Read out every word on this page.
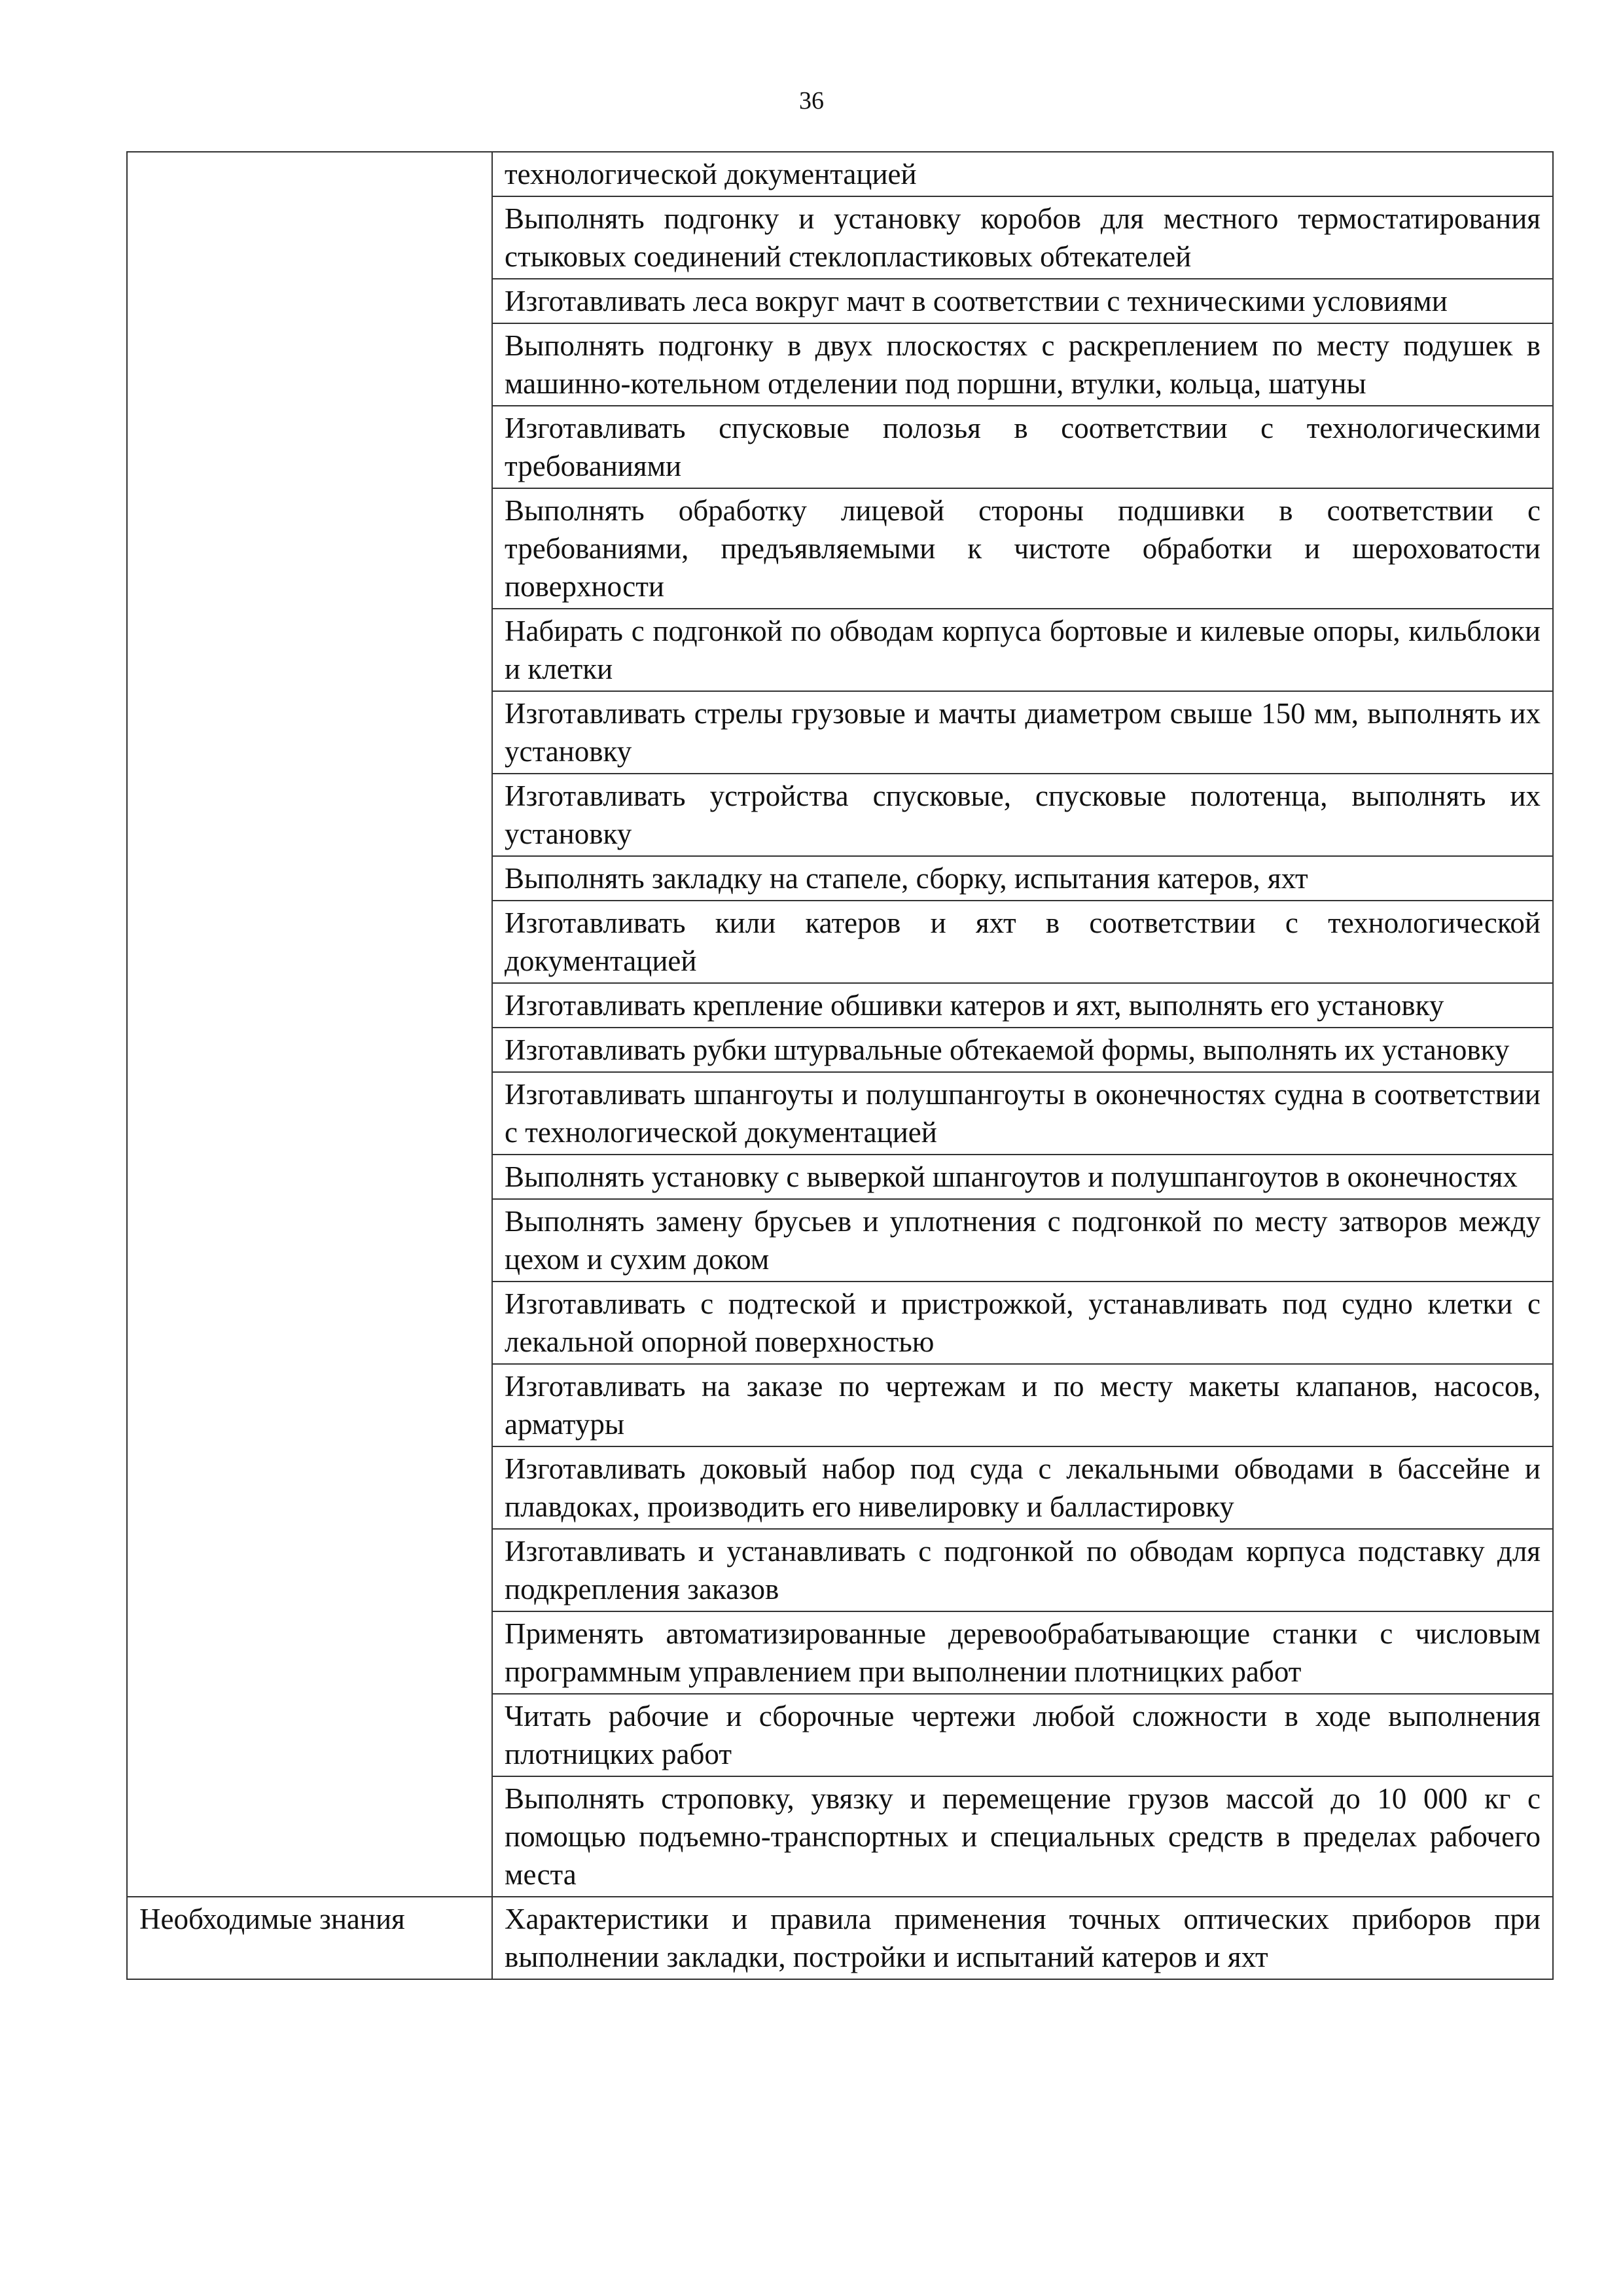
36
	технологической документацией
	Выполнять подгонку и установку коробов для местного термостатирования стыковых соединений стеклопластиковых обтекателей
	Изготавливать леса вокруг мачт в соответствии с техническими условиями
	Выполнять подгонку в двух плоскостях с раскреплением по месту подушек в машинно-котельном отделении под поршни, втулки, кольца, шатуны
	Изготавливать спусковые полозья в соответствии с технологическими требованиями
	Выполнять обработку лицевой стороны подшивки в соответствии с требованиями, предъявляемыми к чистоте обработки и шероховатости поверхности
	Набирать с подгонкой по обводам корпуса бортовые и килевые опоры, кильблоки и клетки
	Изготавливать стрелы грузовые и мачты диаметром свыше 150 мм, выполнять их установку
	Изготавливать устройства спусковые, спусковые полотенца, выполнять их установку
	Выполнять закладку на стапеле, сборку, испытания катеров, яхт
	Изготавливать кили катеров и яхт в соответствии с технологической документацией
	Изготавливать крепление обшивки катеров и яхт, выполнять его установку
	Изготавливать рубки штурвальные обтекаемой формы, выполнять их установку
	Изготавливать шпангоуты и полушпангоуты в оконечностях судна в соответствии с технологической документацией
	Выполнять установку с выверкой шпангоутов и полушпангоутов в оконечностях
	Выполнять замену брусьев и уплотнения с подгонкой по месту затворов между цехом и сухим доком
	Изготавливать с подтеской и пристрожкой, устанавливать под судно клетки с лекальной опорной поверхностью
	Изготавливать на заказе по чертежам и по месту макеты клапанов, насосов, арматуры
	Изготавливать доковый набор под суда с лекальными обводами в бассейне и плавдоках, производить его нивелировку и балластировку
	Изготавливать и устанавливать с подгонкой по обводам корпуса подставку для подкрепления заказов
	Применять автоматизированные деревообрабатывающие станки с числовым программным управлением при выполнении плотницких работ
	Читать рабочие и сборочные чертежи любой сложности в ходе выполнения плотницких работ
	Выполнять строповку, увязку и перемещение грузов массой до 10 000 кг с помощью подъемно-транспортных и специальных средств в пределах рабочего места
Необходимые знания	Характеристики и правила применения точных оптических приборов при выполнении закладки, постройки и испытаний катеров и яхт
